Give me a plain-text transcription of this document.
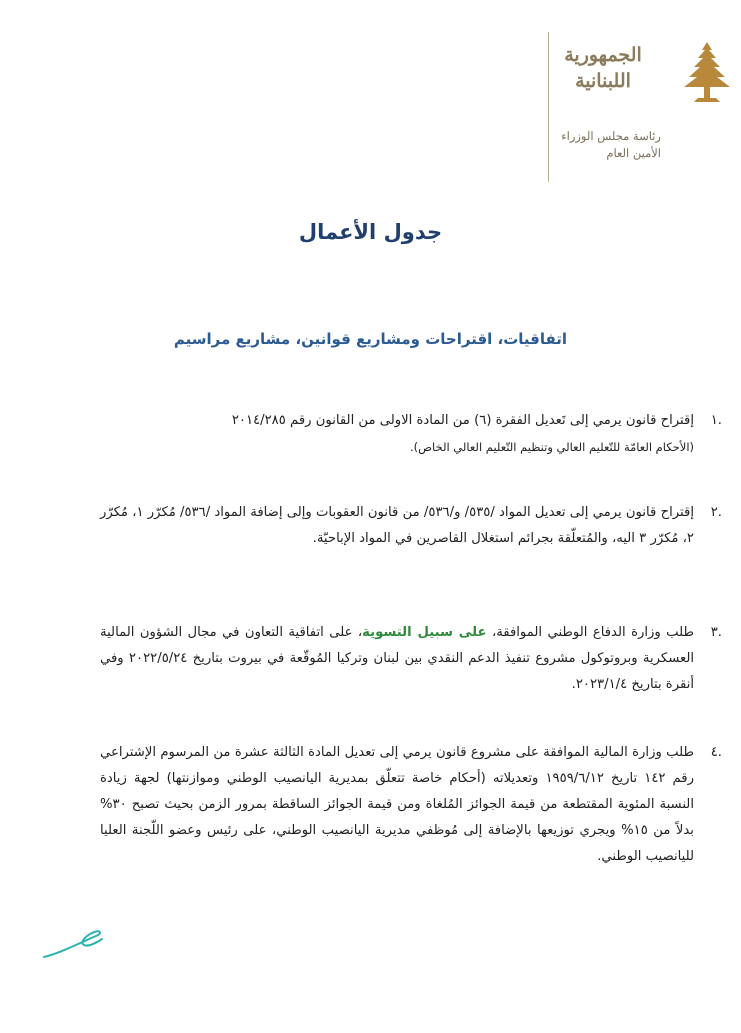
الجمهورية
اللبنانية
رئاسة مجلس الوزراء
الأمين العام
جدول الأعمال
اتفاقيات، اقتراحات ومشاريع قوانين، مشاريع مراسيم
.١
إقتراح قانون يرمي إلى تَعديل الفقرة (٦) من المادة الاولى من القانون رقم ٢٠١٤/٢٨٥
(الأحكام العامّة للتّعليم العالي وتنظيم التّعليم العالي الخاص).
.٢
إقتراح قانون يرمي إلى تعديل المواد /٥٣٥/ و/٥٣٦/ من قانون العقوبات وإلى إضافة المواد /٥٣٦/ مُكرّر ١، مُكرّر ٢، مُكرّر ٣ اليه، والمُتعلّقة بجرائم استغلال القاصرين في المواد الإباحيّة.
.٣
طلب وزارة الدفاع الوطني الموافقة، على سبيل التسوية، على اتفاقية التعاون في مجال الشؤون المالية العسكرية وبروتوكول مشروع تنفيذ الدعم النقدي بين لبنان وتركيا المُوقّعة في بيروت بتاريخ ٢٠٢٢/٥/٢٤ وفي أنقرة بتاريخ ٢٠٢٣/١/٤.
.٤
طلب وزارة المالية الموافقة على مشروع قانون يرمي إلى تعديل المادة الثالثة عشرة من المرسوم الإشتراعي رقم ١٤٢ تاريخ ١٩٥٩/٦/١٢ وتعديلاته (أحكام خاصة تتعلّق بمديرية اليانصيب الوطني وموازنتها) لجهة زيادة النسبة المئوية المقتطعة من قيمة الجوائز المُلغاة ومن قيمة الجوائز الساقطة بمرور الزمن بحيث تصبح ٣٠% بدلاً من ١٥% ويجري توزيعها بالإضافة إلى مُوظفي مديرية اليانصيب الوطني، على رئيس وعضو اللّجنة العليا لليانصيب الوطني.
